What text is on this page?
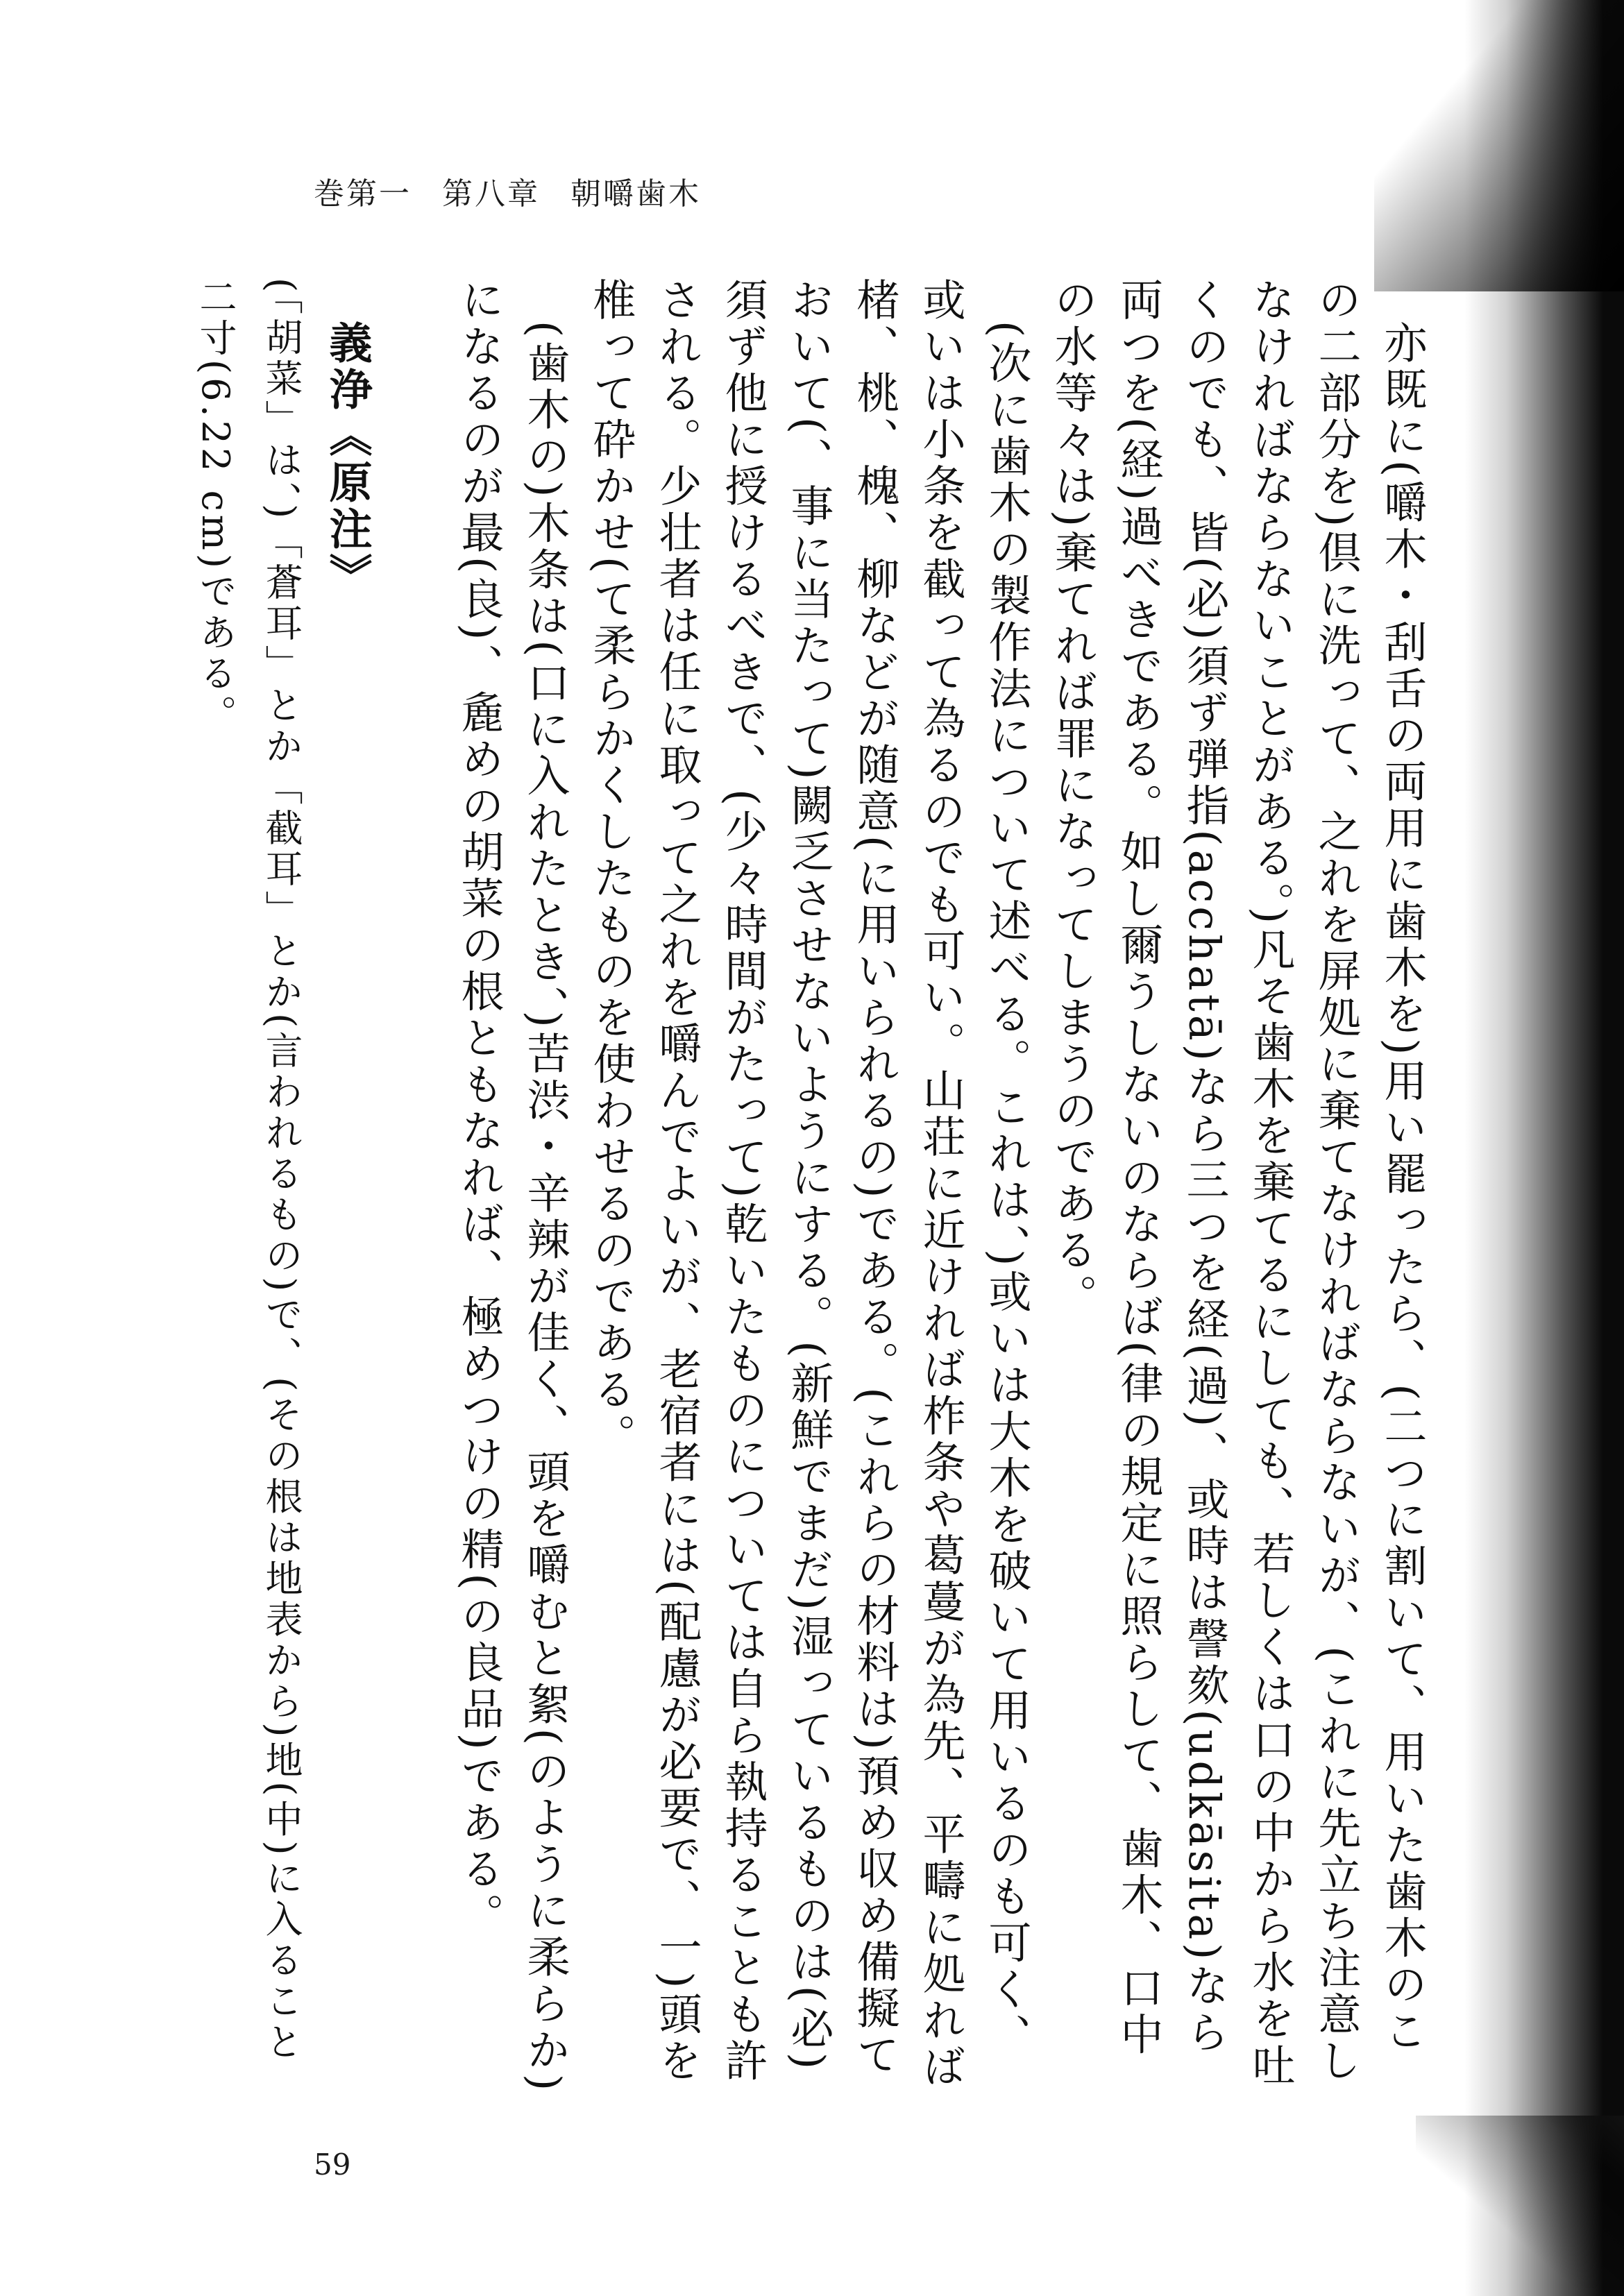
巻第一 第八章 朝嚼歯木

亦既に(嚼木・刮舌の両用に歯木を)用い罷ったら、(二つに割いて、用いた歯木のこの二部分を)倶に洗って、之れを屏処に棄てなければならないが、(これに先立ち注意しなければならないことがある。)凡そ歯木を棄てるにしても、若しくは口の中から水を吐くのでも、皆(必)須ず弾指(acchatā)なら三つを経(過)、或時は謦欬(udkāsita)なら両つを(経)過べきである。如し爾うしないのならば(律の規定に照らして、歯木、口中の水等々は)棄てれば罪になってしまうのである。

(次に歯木の製作法について述べる。これは、)或いは大木を破いて用いるのも可く、或いは小条を截って為るのでも可い。山荘に近ければ柞条や葛蔓が為先、平疇に処れば楮、桃、槐、柳などが随意(に用いられるの)である。(これらの材料は)預め収め備擬ておいて(、事に当たって)闕乏させないようにする。(新鮮でまだ)湿っているものは(必)須ず他に授けるべきで、(少々時間がたって)乾いたものについては自ら執持ることも許される。少壮者は任に取って之れを嚼んでよいが、老宿者には(配慮が必要で、一)頭を椎って砕かせ(て柔らかくしたものを使わせるのである。

(歯木の)木条は(口に入れたとき、)苦渋・辛辣が佳く、頭を嚼むと絮(のように柔らか)になるのが最(良)、麁めの胡菜の根ともなれば、極めつけの精(の良品)である。

義浄《原注》

(「胡菜」は、)「蒼耳」とか「截耳」とか(言われるもの)で、(その根は地表から)地(中)に入ること二寸(6.22 cm)である。

59
